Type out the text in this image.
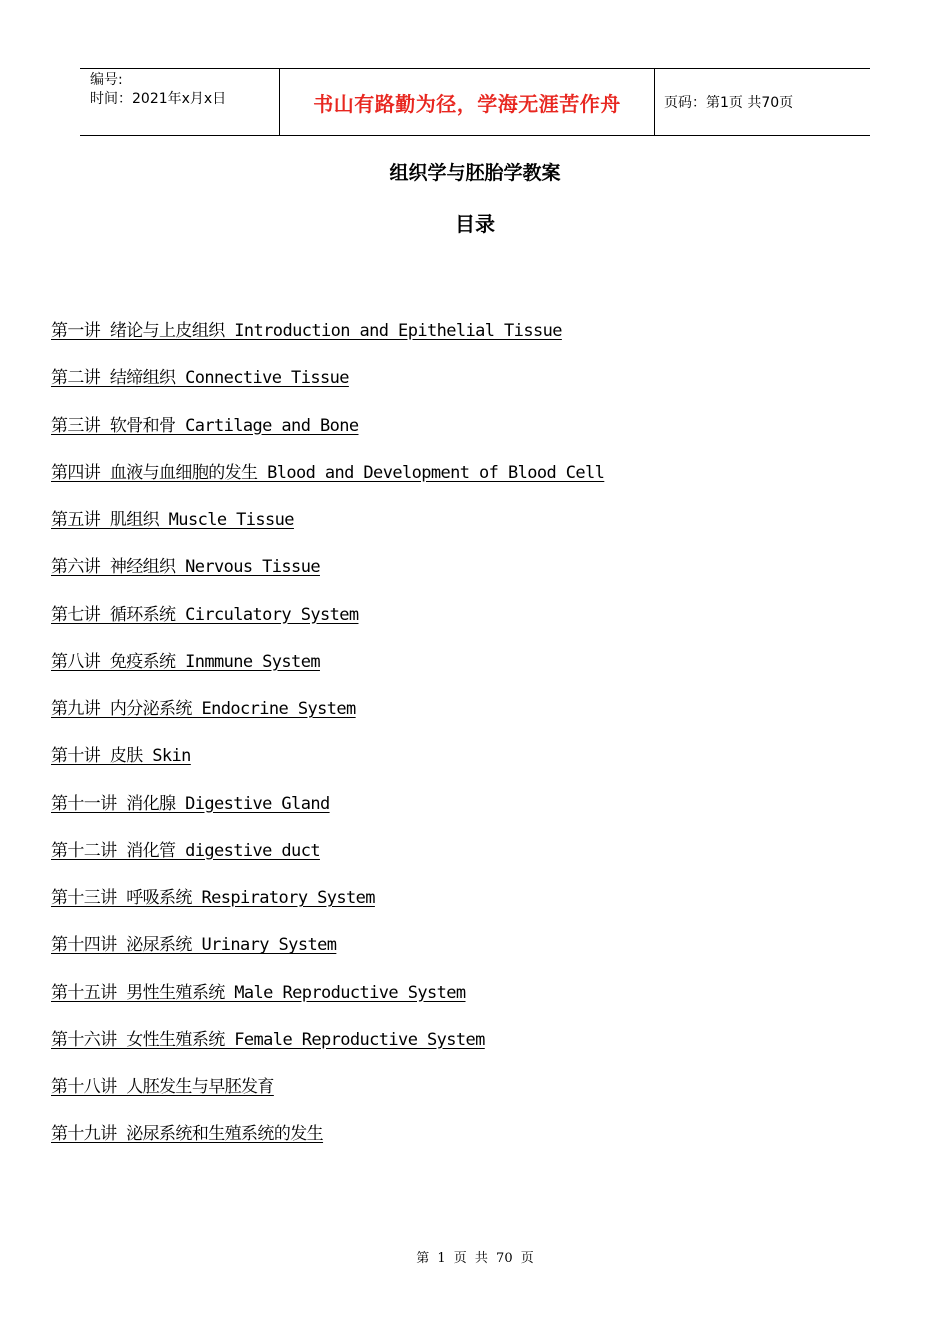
编号:
时间：2021年x月x日	书山有路勤为径，学海无涯苦作舟	页码：第1页 共70页
组织学与胚胎学教案
目录
第一讲 绪论与上皮组织 Introduction and Epithelial Tissue
第二讲 结缔组织 Connective Tissue
第三讲 软骨和骨 Cartilage and Bone
第四讲 血液与血细胞的发生 Blood and Development of Blood Cell
第五讲 肌组织 Muscle Tissue
第六讲 神经组织 Nervous Tissue
第七讲 循环系统 Circulatory System
第八讲 免疫系统 Inmmune System
第九讲 内分泌系统 Endocrine System
第十讲 皮肤 Skin
第十一讲 消化腺 Digestive Gland
第十二讲 消化管 digestive duct
第十三讲 呼吸系统 Respiratory System
第十四讲 泌尿系统 Urinary System
第十五讲 男性生殖系统 Male Reproductive System
第十六讲 女性生殖系统 Female Reproductive System
第十八讲 人胚发生与早胚发育
第十九讲 泌尿系统和生殖系统的发生
第 1 页 共 70 页
